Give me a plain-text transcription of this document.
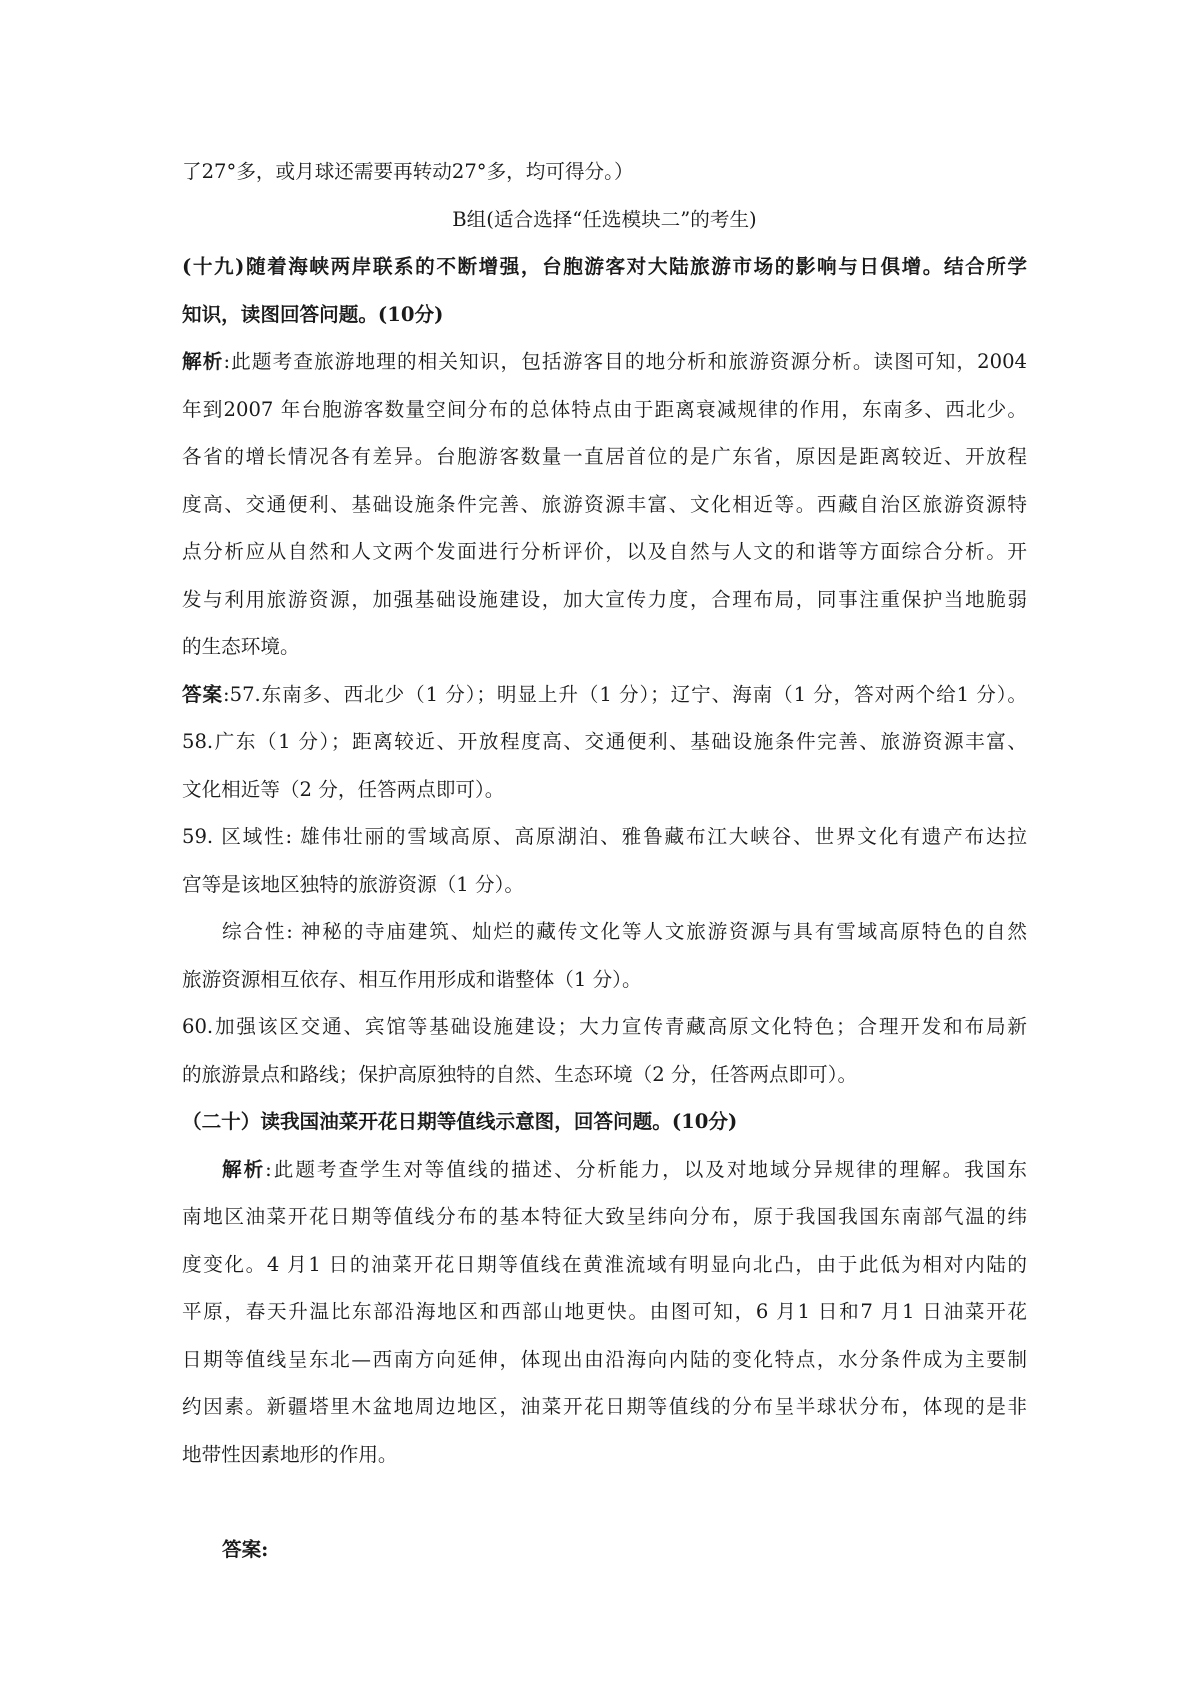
了27°多，或月球还需要再转动27°多，均可得分。）
B组(适合选择“任选模块二”的考生)
(十九)随着海峡两岸联系的不断增强，台胞游客对大陆旅游市场的影响与日俱增。结合所学
知识，读图回答问题。(10分)
解析:此题考查旅游地理的相关知识，包括游客目的地分析和旅游资源分析。读图可知，2004
年到2007 年台胞游客数量空间分布的总体特点由于距离衰减规律的作用，东南多、西北少。
各省的增长情况各有差异。台胞游客数量一直居首位的是广东省，原因是距离较近、开放程
度高、交通便利、基础设施条件完善、旅游资源丰富、文化相近等。西藏自治区旅游资源特
点分析应从自然和人文两个发面进行分析评价，以及自然与人文的和谐等方面综合分析。开
发与利用旅游资源，加强基础设施建设，加大宣传力度，合理布局，同事注重保护当地脆弱
的生态环境。
答案:57.东南多、西北少（1 分）；明显上升（1 分）；辽宁、海南（1 分，答对两个给1 分）。
58.广东（1 分）；距离较近、开放程度高、交通便利、基础设施条件完善、旅游资源丰富、
文化相近等（2 分，任答两点即可）。
59. 区域性: 雄伟壮丽的雪域高原、高原湖泊、雅鲁藏布江大峡谷、世界文化有遗产布达拉
宫等是该地区独特的旅游资源（1 分）。
综合性: 神秘的寺庙建筑、灿烂的藏传文化等人文旅游资源与具有雪域高原特色的自然
旅游资源相互依存、相互作用形成和谐整体（1 分）。
60.加强该区交通、宾馆等基础设施建设；大力宣传青藏高原文化特色；合理开发和布局新
的旅游景点和路线；保护高原独特的自然、生态环境（2 分，任答两点即可）。
（二十）读我国油菜开花日期等值线示意图，回答问题。(10分)
解析:此题考查学生对等值线的描述、分析能力，以及对地域分异规律的理解。我国东
南地区油菜开花日期等值线分布的基本特征大致呈纬向分布，原于我国我国东南部气温的纬
度变化。4 月1 日的油菜开花日期等值线在黄淮流域有明显向北凸，由于此低为相对内陆的
平原，春天升温比东部沿海地区和西部山地更快。由图可知，6 月1 日和7 月1 日油菜开花
日期等值线呈东北—西南方向延伸，体现出由沿海向内陆的变化特点，水分条件成为主要制
约因素。新疆塔里木盆地周边地区，油菜开花日期等值线的分布呈半球状分布，体现的是非
地带性因素地形的作用。
答案:
